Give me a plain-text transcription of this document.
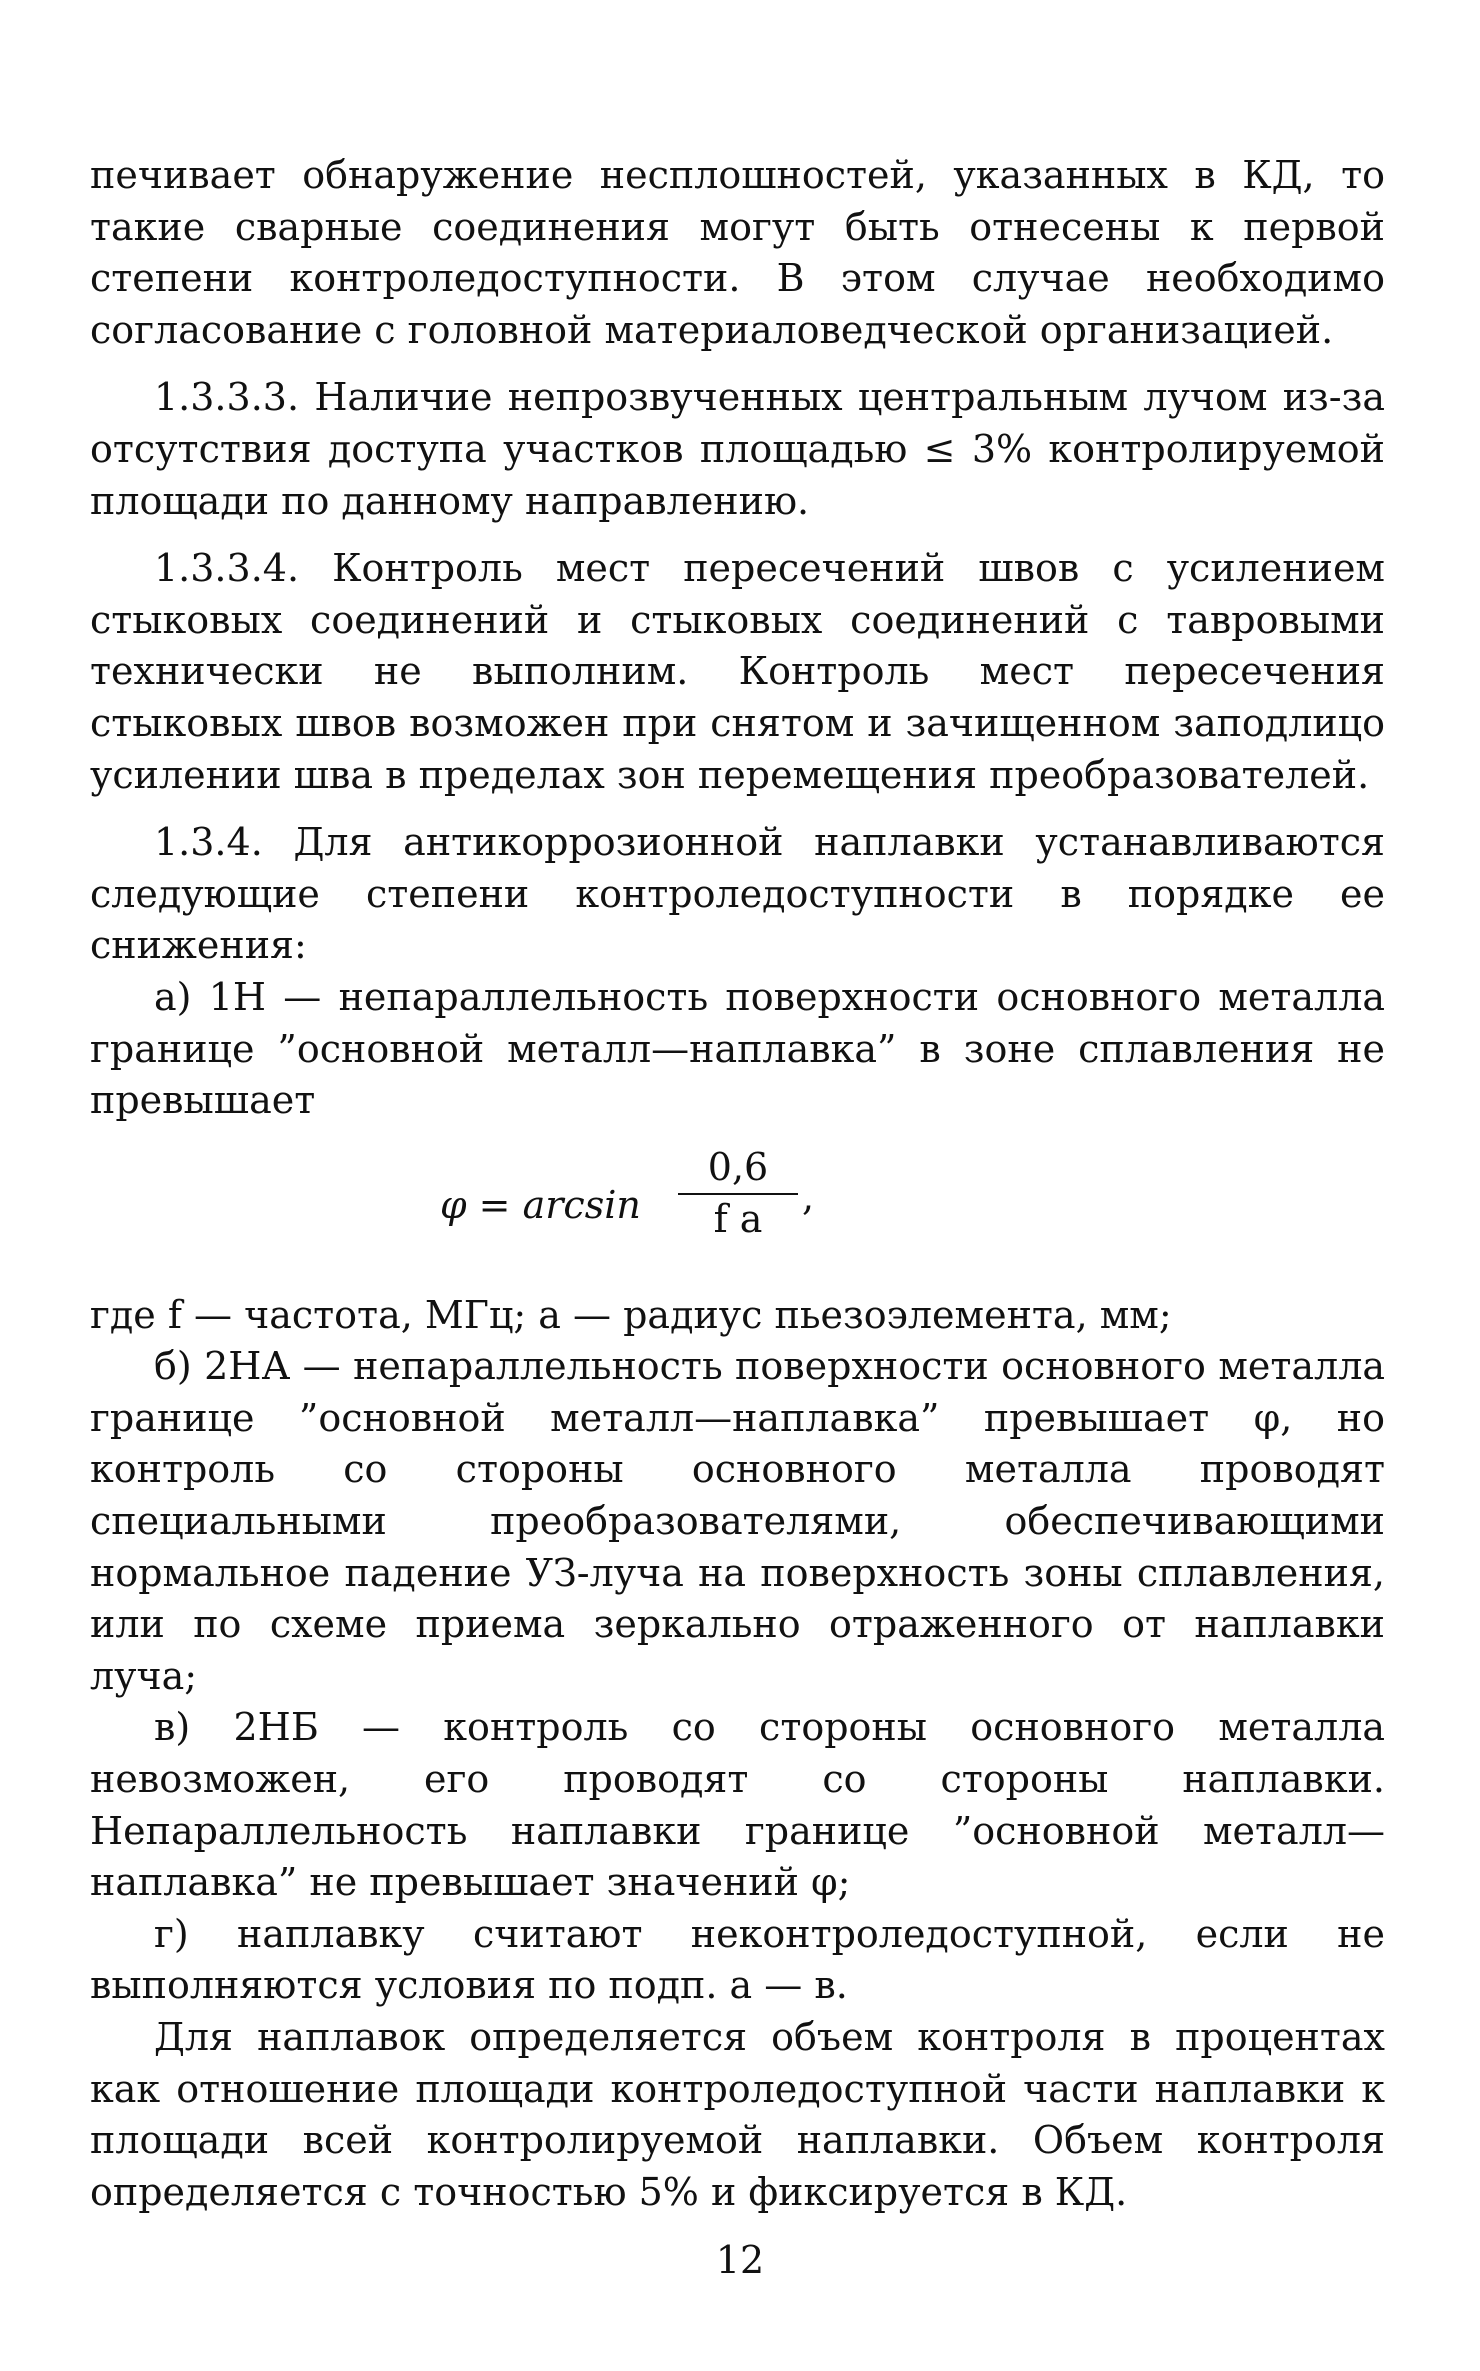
печивает обнаружение несплошностей, указанных в КД, то такие сварные соединения могут быть отнесены к первой степени контроледоступности. В этом случае необходимо согласование с головной материаловедческой организацией.

1.3.3.3. Наличие непрозвученных центральным лучом из-за отсутствия доступа участков площадью ≤ 3% контролируемой площади по данному направлению.

1.3.3.4. Контроль мест пересечений швов с усилением стыковых соединений и стыковых соединений с тавровыми технически не выполним. Контроль мест пересечения стыковых швов возможен при снятом и зачищенном заподлицо усилении шва в пределах зон перемещения преобразователей.

1.3.4. Для антикоррозионной наплавки устанавливаются следующие степени контроледоступности в порядке ее снижения:

а) 1Н — непараллельность поверхности основного металла границе ”основной металл—наплавка” в зоне сплавления не превышает

$\varphi = \arcsin \frac{0,6}{\text{f a}}$ ,

где f — частота, МГц; а — радиус пьезоэлемента, мм;

б) 2НА — непараллельность поверхности основного металла границе ”основной металл—наплавка” превышает φ, но контроль со стороны основного металла проводят специальными преобразователями, обеспечивающими нормальное падение УЗ-луча на поверхность зоны сплавления, или по схеме приема зеркально отраженного от наплавки луча;

в) 2НБ — контроль со стороны основного металла невозможен, его проводят со стороны наплавки. Непараллельность наплавки границе ”основной металл—наплавка” не превышает значений φ;

г) наплавку считают неконтроледоступной, если не выполняются условия по подп. а — в.

Для наплавок определяется объем контроля в процентах как отношение площади контроледоступной части наплавки к площади всей контролируемой наплавки. Объем контроля определяется с точностью 5% и фиксируется в КД.

12
